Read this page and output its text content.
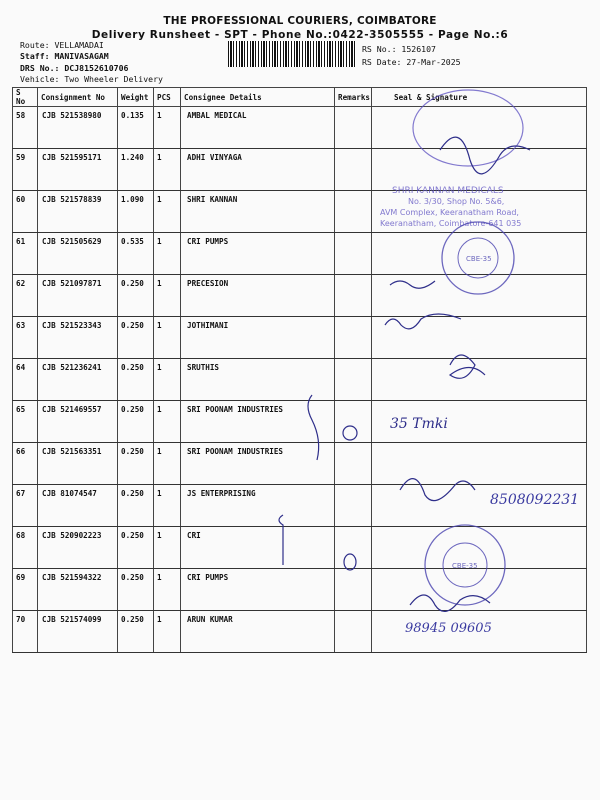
THE PROFESSIONAL COURIERS, COIMBATORE
Delivery Runsheet - SPT - Phone No.:0422-3505555 - Page No.:6
Route: VELLAMADAI
Staff: MANIVASAGAM
DRS No.: DCJ8152610706
Vehicle: Two Wheeler Delivery
RS No.: 1526107
RS Date: 27-Mar-2025
S No	Consignment No	Weight	PCS	Consignee Details	Remarks	Seal & Signature
58	CJB 521538980	0.135	1	AMBAL MEDICAL		
59	CJB 521595171	1.240	1	ADHI VINYAGA		
60	CJB 521578839	1.090	1	SHRI KANNAN		
61	CJB 521505629	0.535	1	CRI PUMPS		
62	CJB 521097871	0.250	1	PRECESION		
63	CJB 521523343	0.250	1	JOTHIMANI		
64	CJB 521236241	0.250	1	SRUTHIS		
65	CJB 521469557	0.250	1	SRI POONAM INDUSTRIES		
66	CJB 521563351	0.250	1	SRI POONAM INDUSTRIES		
67	CJB 81074547	0.250	1	JS ENTERPRISING		
68	CJB 520902223	0.250	1	CRI		
69	CJB 521594322	0.250	1	CRI PUMPS		
70	CJB 521574099	0.250	1	ARUN KUMAR		
SHRI KANNAN MEDICALS
No. 3/30, Shop No. 5&6,
AVM Complex, Keeranatham Road,
Keeranatham, Coimbatore-641 035
CBE-35
CBE-35
35 Tmki
8508092231
98945 09605
